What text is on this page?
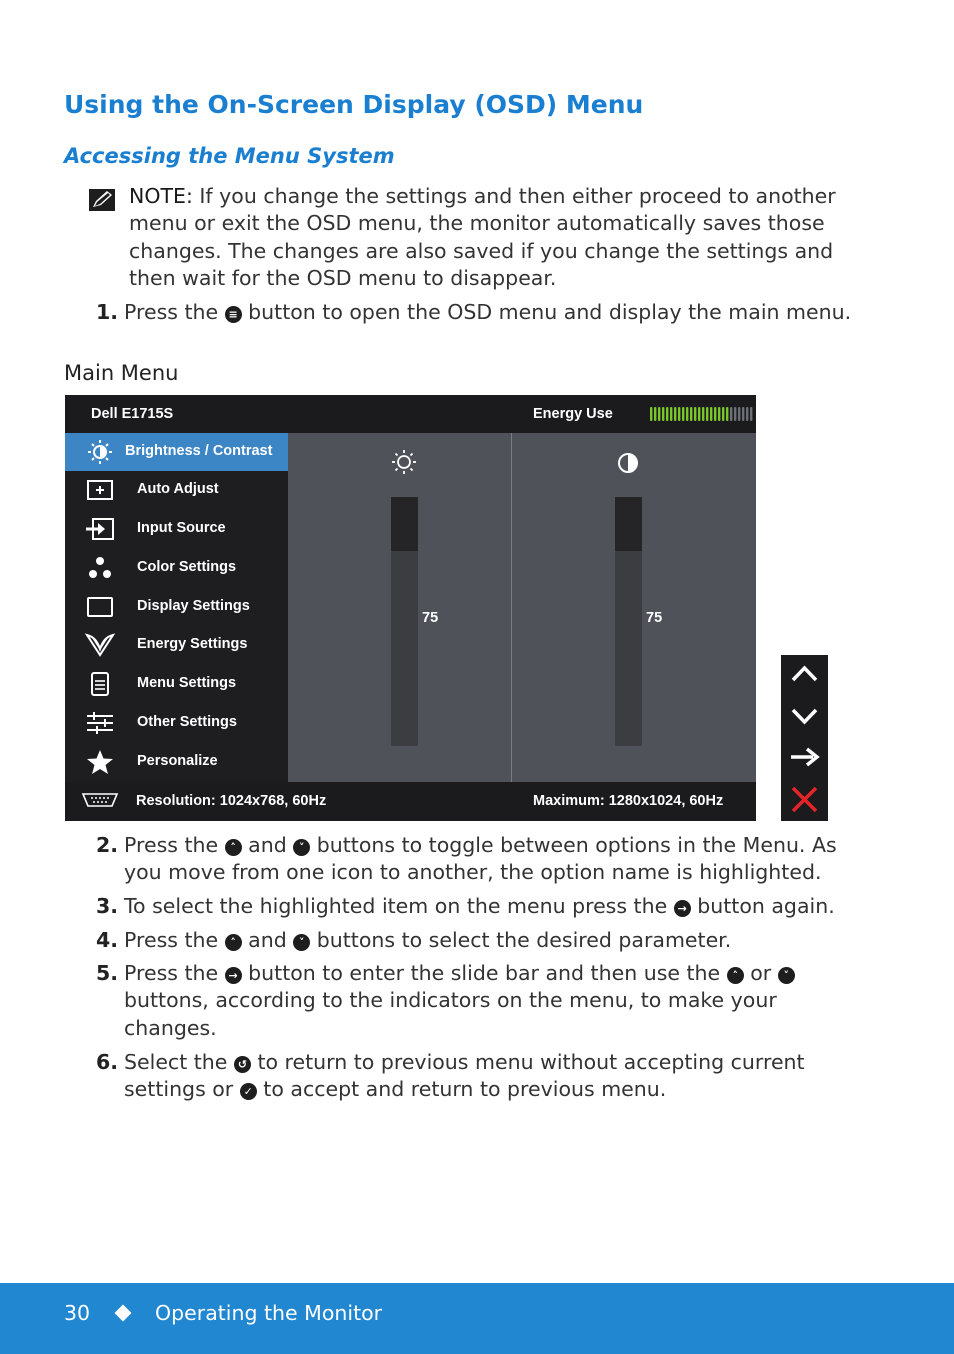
Using the On-Screen Display (OSD) Menu
Accessing the Menu System
NOTE: If you change the settings and then either proceed to another menu or exit the OSD menu, the monitor automatically saves those changes. The changes are also saved if you change the settings and then wait for the OSD menu to disappear.
1. Press the ≡ button to open the OSD menu and display the main menu.
Main Menu
Dell E1715S	Energy Use
Brightness / Contrast
Auto Adjust
Input Source
Color Settings
Display Settings
Energy Settings
Menu Settings
Other Settings
Personalize
75	75
Resolution: 1024x768, 60Hz	Maximum: 1280x1024, 60Hz
2. Press the ˄ and ˅ buttons to toggle between options in the Menu. As you move from one icon to another, the option name is highlighted.
3. To select the highlighted item on the menu press the → button again.
4. Press the ˄ and ˅ buttons to select the desired parameter.
5. Press the → button to enter the slide bar and then use the ˄ or ˅ buttons, according to the indicators on the menu, to make your changes.
6. Select the ↺ to return to previous menu without accepting current settings or ✓ to accept and return to previous menu.
30	Operating the Monitor
